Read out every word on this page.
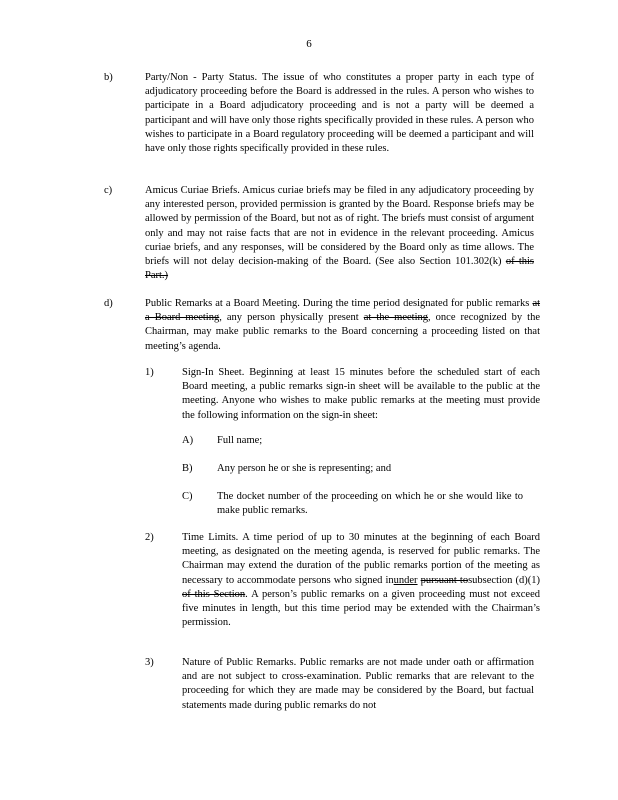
6
b)	Party/Non - Party Status. The issue of who constitutes a proper party in each type of adjudicatory proceeding before the Board is addressed in the rules. A person who wishes to participate in a Board adjudicatory proceeding and is not a party will be deemed a participant and will have only those rights specifically provided in these rules. A person who wishes to participate in a Board regulatory proceeding will be deemed a participant and will have only those rights specifically provided in these rules.
c)	Amicus Curiae Briefs. Amicus curiae briefs may be filed in any adjudicatory proceeding by any interested person, provided permission is granted by the Board. Response briefs may be allowed by permission of the Board, but not as of right. The briefs must consist of argument only and may not raise facts that are not in evidence in the relevant proceeding. Amicus curiae briefs, and any responses, will be considered by the Board only as time allows. The briefs will not delay decision-making of the Board. (See also Section 101.302(k) of this Part.)
d)	Public Remarks at a Board Meeting. During the time period designated for public remarks at a Board meeting, any person physically present at the meeting, once recognized by the Chairman, may make public remarks to the Board concerning a proceeding listed on that meeting’s agenda.
1)	Sign-In Sheet. Beginning at least 15 minutes before the scheduled start of each Board meeting, a public remarks sign-in sheet will be available to the public at the meeting. Anyone who wishes to make public remarks at the meeting must provide the following information on the sign-in sheet:
A) Full name;
B) Any person he or she is representing; and
C) The docket number of the proceeding on which he or she would like to make public remarks.
2)	Time Limits. A time period of up to 30 minutes at the beginning of each Board meeting, as designated on the meeting agenda, is reserved for public remarks. The Chairman may extend the duration of the public remarks portion of the meeting as necessary to accommodate persons who signed inunder pursuant tosubsection (d)(1) of this Section. A person’s public remarks on a given proceeding must not exceed five minutes in length, but this time period may be extended with the Chairman’s permission.
3)	Nature of Public Remarks. Public remarks are not made under oath or affirmation and are not subject to cross-examination. Public remarks that are relevant to the proceeding for which they are made may be considered by the Board, but factual statements made during public remarks do not
